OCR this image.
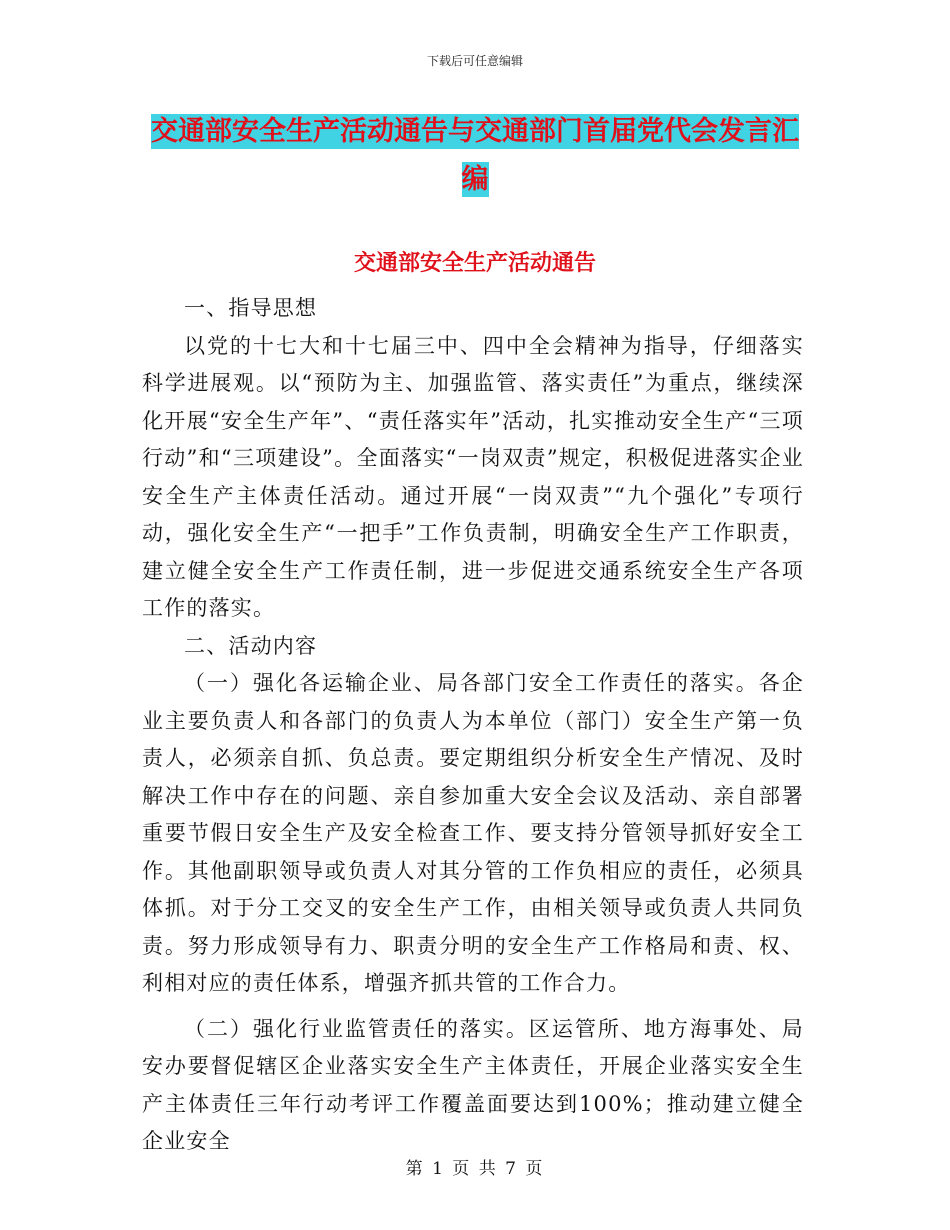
下载后可任意编辑
交通部安全生产活动通告与交通部门首届党代会发言汇编
交通部安全生产活动通告

一、指导思想

以党的十七大和十七届三中、四中全会精神为指导，仔细落实科学进展观。以“预防为主、加强监管、落实责任”为重点，继续深化开展“安全生产年”、“责任落实年”活动，扎实推动安全生产“三项行动”和“三项建设”。全面落实“一岗双责”规定，积极促进落实企业安全生产主体责任活动。通过开展“一岗双责”“九个强化”专项行动，强化安全生产“一把手”工作负责制，明确安全生产工作职责，建立健全安全生产工作责任制，进一步促进交通系统安全生产各项工作的落实。

二、活动内容

（一）强化各运输企业、局各部门安全工作责任的落实。各企业主要负责人和各部门的负责人为本单位（部门）安全生产第一负责人，必须亲自抓、负总责。要定期组织分析安全生产情况、及时解决工作中存在的问题、亲自参加重大安全会议及活动、亲自部署重要节假日安全生产及安全检查工作、要支持分管领导抓好安全工作。其他副职领导或负责人对其分管的工作负相应的责任，必须具体抓。对于分工交叉的安全生产工作，由相关领导或负责人共同负责。努力形成领导有力、职责分明的安全生产工作格局和责、权、利相对应的责任体系，增强齐抓共管的工作合力。

（二）强化行业监管责任的落实。区运管所、地方海事处、局安办要督促辖区企业落实安全生产主体责任，开展企业落实安全生产主体责任三年行动考评工作覆盖面要达到100%；推动建立健全企业安全

第 1 页 共 7 页
